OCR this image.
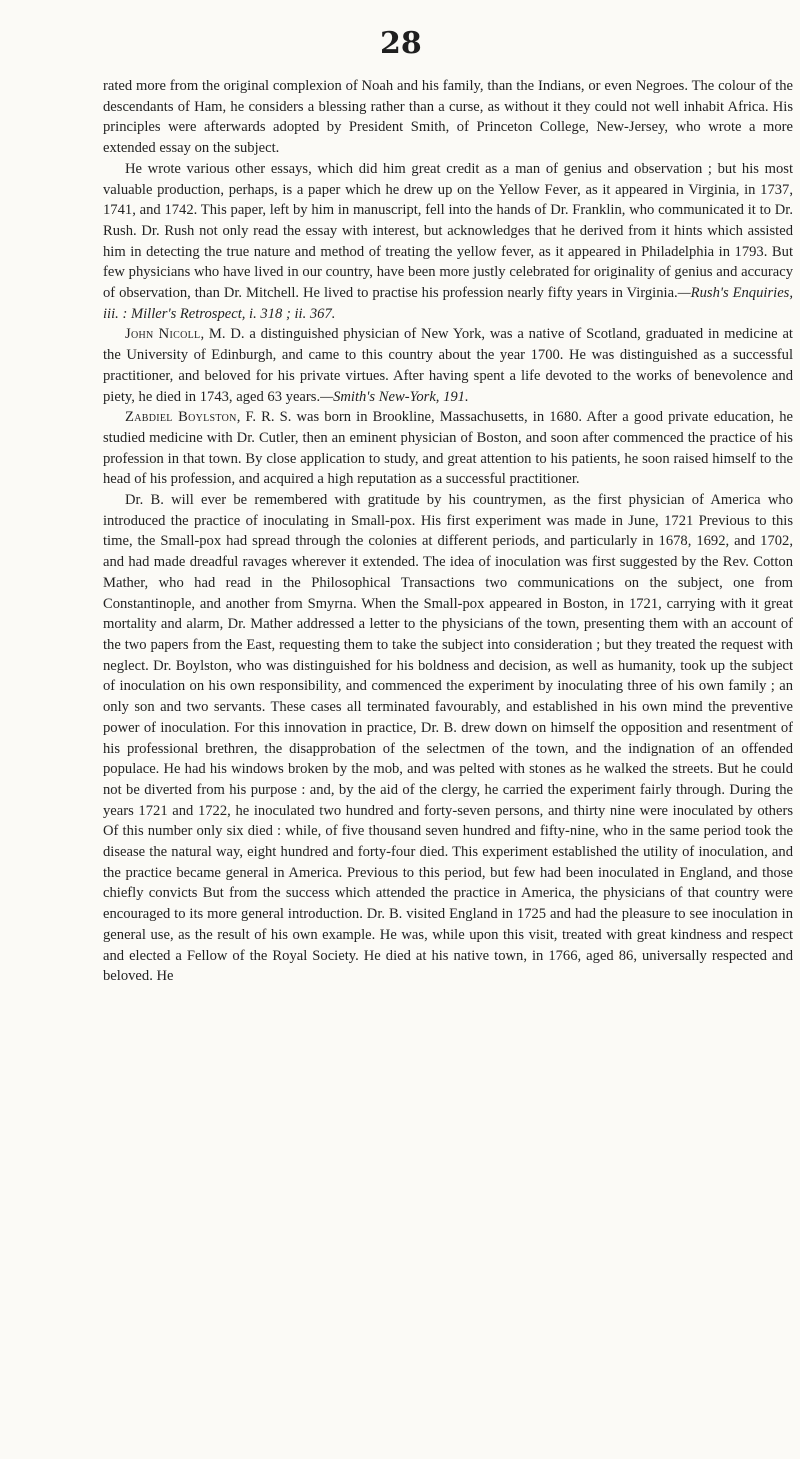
28

rated more from the original complexion of Noah and his family, than the Indians, or even Negroes. The colour of the descendants of Ham, he considers a blessing rather than a curse, as without it they could not well inhabit Africa. His principles were afterwards adopted by President Smith, of Princeton College, New-Jersey, who wrote a more extended essay on the subject.

He wrote various other essays, which did him great credit as a man of genius and observation ; but his most valuable production, perhaps, is a paper which he drew up on the Yellow Fever, as it appeared in Virginia, in 1737, 1741, and 1742. This paper, left by him in manuscript, fell into the hands of Dr. Franklin, who communicated it to Dr. Rush. Dr. Rush not only read the essay with interest, but acknowledges that he derived from it hints which assisted him in detecting the true nature and method of treating the yellow fever, as it appeared in Philadelphia in 1793. But few physicians who have lived in our country, have been more justly celebrated for originality of genius and accuracy of observation, than Dr. Mitchell. He lived to practise his profession nearly fifty years in Virginia.—Rush's Enquiries, iii. : Miller's Retrospect, i. 318 ; ii. 367.

John Nicoll, M. D. a distinguished physician of New York, was a native of Scotland, graduated in medicine at the University of Edinburgh, and came to this country about the year 1700. He was distinguished as a successful practitioner, and beloved for his private virtues. After having spent a life devoted to the works of benevolence and piety, he died in 1743, aged 63 years.—Smith's New-York, 191.

Zabdiel Boylston, F. R. S. was born in Brookline, Massachusetts, in 1680. After a good private education, he studied medicine with Dr. Cutler, then an eminent physician of Boston, and soon after commenced the practice of his profession in that town. By close application to study, and great attention to his patients, he soon raised himself to the head of his profession, and acquired a high reputation as a successful practitioner.

Dr. B. will ever be remembered with gratitude by his countrymen, as the first physician of America who introduced the practice of inoculating in Small-pox. His first experiment was made in June, 1721 Previous to this time, the Small-pox had spread through the colonies at different periods, and particularly in 1678, 1692, and 1702, and had made dreadful ravages wherever it extended. The idea of inoculation was first suggested by the Rev. Cotton Mather, who had read in the Philosophical Transactions two communications on the subject, one from Constantinople, and another from Smyrna. When the Small-pox appeared in Boston, in 1721, carrying with it great mortality and alarm, Dr. Mather addressed a letter to the physicians of the town, presenting them with an account of the two papers from the East, requesting them to take the subject into consideration ; but they treated the request with neglect. Dr. Boylston, who was distinguished for his boldness and decision, as well as humanity, took up the subject of inoculation on his own responsibility, and commenced the experiment by inoculating three of his own family ; an only son and two servants. These cases all terminated favourably, and established in his own mind the preventive power of inoculation. For this innovation in practice, Dr. B. drew down on himself the opposition and resentment of his professional brethren, the disapprobation of the selectmen of the town, and the indignation of an offended populace. He had his windows broken by the mob, and was pelted with stones as he walked the streets. But he could not be diverted from his purpose : and, by the aid of the clergy, he carried the experiment fairly through. During the years 1721 and 1722, he inoculated two hundred and forty-seven persons, and thirty nine were inoculated by others Of this number only six died : while, of five thousand seven hundred and fifty-nine, who in the same period took the disease the natural way, eight hundred and forty-four died. This experiment established the utility of inoculation, and the practice became general in America. Previous to this period, but few had been inoculated in England, and those chiefly convicts But from the success which attended the practice in America, the physicians of that country were encouraged to its more general introduction. Dr. B. visited England in 1725 and had the pleasure to see inoculation in general use, as the result of his own example. He was, while upon this visit, treated with great kindness and respect and elected a Fellow of the Royal Society. He died at his native town, in 1766, aged 86, universally respected and beloved. He
